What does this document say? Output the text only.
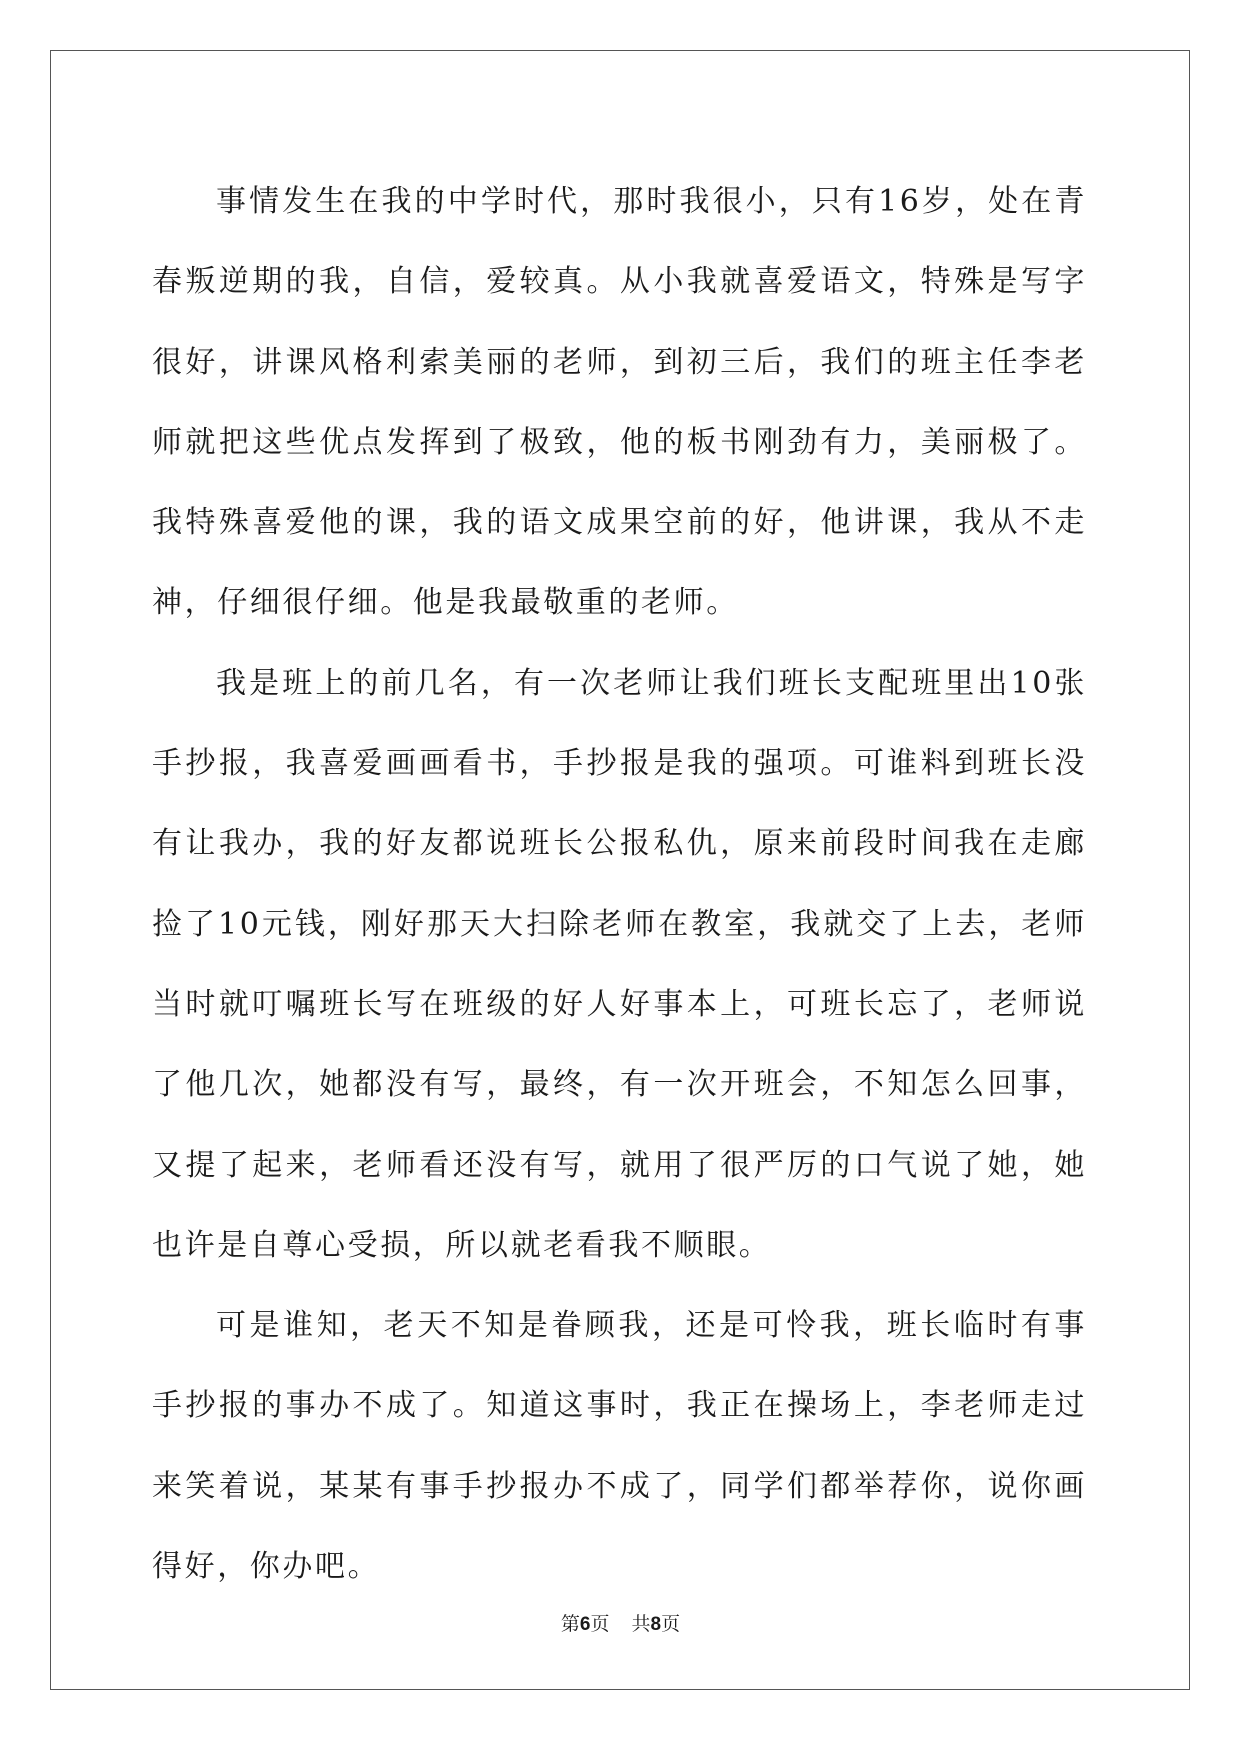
事情发生在我的中学时代，那时我很小，只有16岁，处在青春叛逆期的我，自信，爱较真。从小我就喜爱语文，特殊是写字很好，讲课风格利索美丽的老师，到初三后，我们的班主任李老师就把这些优点发挥到了极致，他的板书刚劲有力，美丽极了。我特殊喜爱他的课，我的语文成果空前的好，他讲课，我从不走神，仔细很仔细。他是我最敬重的老师。

我是班上的前几名，有一次老师让我们班长支配班里出10张手抄报，我喜爱画画看书，手抄报是我的强项。可谁料到班长没有让我办，我的好友都说班长公报私仇，原来前段时间我在走廊捡了10元钱，刚好那天大扫除老师在教室，我就交了上去，老师当时就叮嘱班长写在班级的好人好事本上，可班长忘了，老师说了他几次，她都没有写，最终，有一次开班会，不知怎么回事，又提了起来，老师看还没有写，就用了很严厉的口气说了她，她也许是自尊心受损，所以就老看我不顺眼。

可是谁知，老天不知是眷顾我，还是可怜我，班长临时有事手抄报的事办不成了。知道这事时，我正在操场上，李老师走过来笑着说，某某有事手抄报办不成了，同学们都举荐你，说你画得好，你办吧。

第6页 共8页
